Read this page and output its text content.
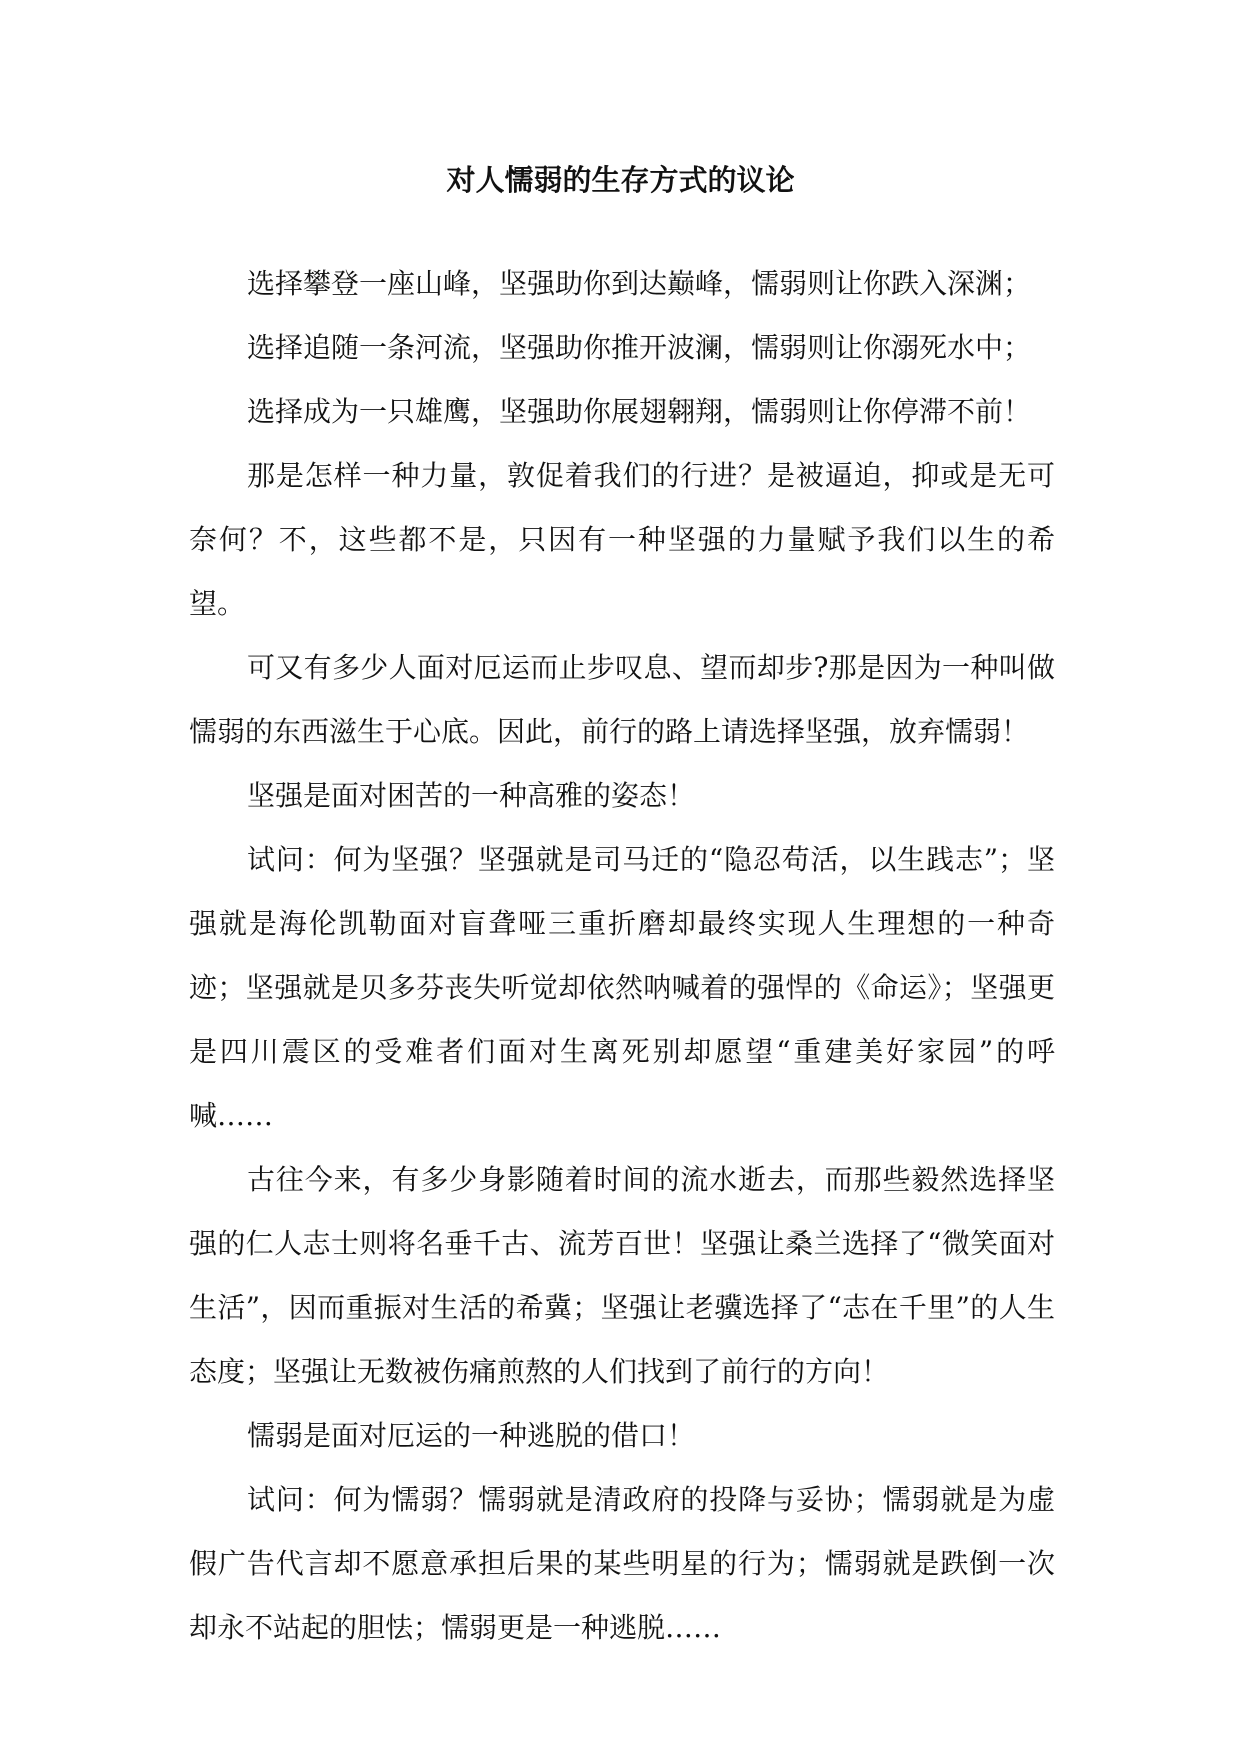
对人懦弱的生存方式的议论

选择攀登一座山峰，坚强助你到达巅峰，懦弱则让你跌入深渊；

选择追随一条河流，坚强助你推开波澜，懦弱则让你溺死水中；

选择成为一只雄鹰，坚强助你展翅翱翔，懦弱则让你停滞不前！

那是怎样一种力量，敦促着我们的行进？是被逼迫，抑或是无可奈何？不，这些都不是，只因有一种坚强的力量赋予我们以生的希望。

可又有多少人面对厄运而止步叹息、望而却步?那是因为一种叫做懦弱的东西滋生于心底。因此，前行的路上请选择坚强，放弃懦弱！

坚强是面对困苦的一种高雅的姿态！

试问：何为坚强？坚强就是司马迁的“隐忍苟活，以生践志”；坚强就是海伦凯勒面对盲聋哑三重折磨却最终实现人生理想的一种奇迹；坚强就是贝多芬丧失听觉却依然呐喊着的强悍的《命运》；坚强更是四川震区的受难者们面对生离死别却愿望“重建美好家园”的呼喊……

古往今来，有多少身影随着时间的流水逝去，而那些毅然选择坚强的仁人志士则将名垂千古、流芳百世！坚强让桑兰选择了“微笑面对生活”，因而重振对生活的希冀；坚强让老骥选择了“志在千里”的人生态度；坚强让无数被伤痛煎熬的人们找到了前行的方向！

懦弱是面对厄运的一种逃脱的借口！

试问：何为懦弱？懦弱就是清政府的投降与妥协；懦弱就是为虚假广告代言却不愿意承担后果的某些明星的行为；懦弱就是跌倒一次却永不站起的胆怯；懦弱更是一种逃脱……
